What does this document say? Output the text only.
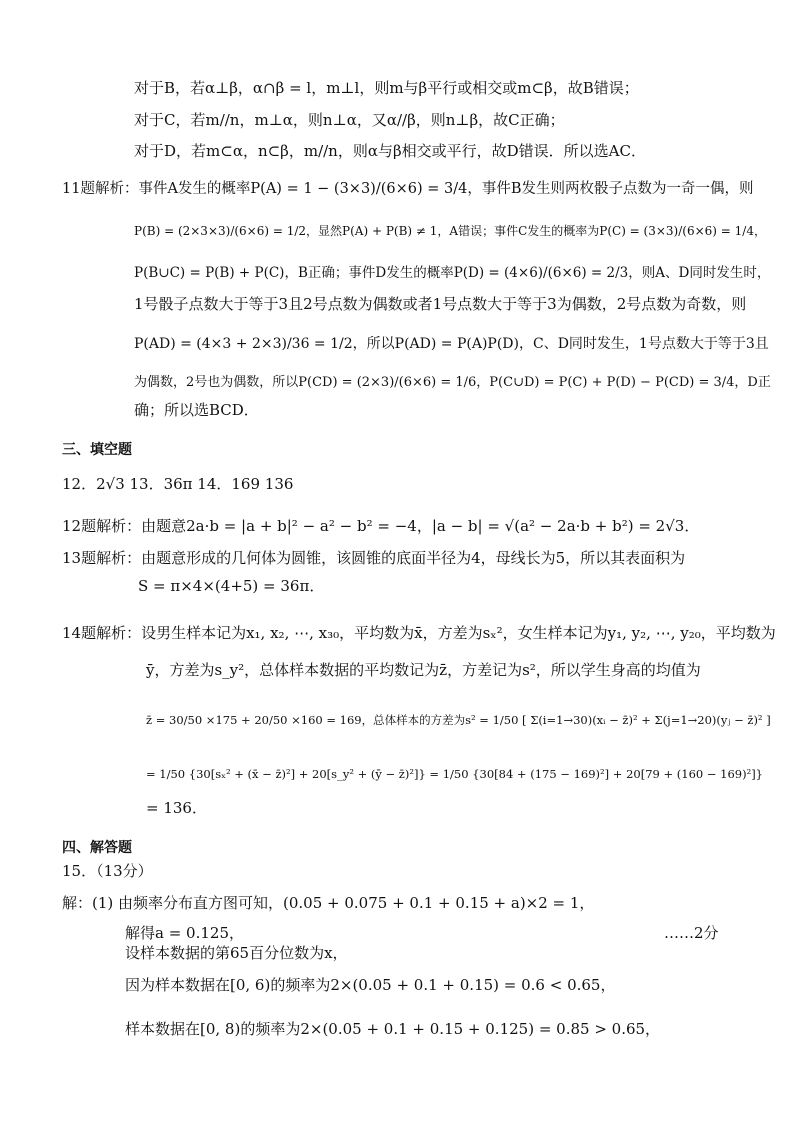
对于B，若α⊥β，α∩β = l，m⊥l，则m与β平行或相交或m⊂β，故B错误；
对于C，若m//n，m⊥α，则n⊥α，又α//β，则n⊥β，故C正确；
对于D，若m⊂α，n⊂β，m//n，则α与β相交或平行，故D错误．所以选AC．
11题解析：事件A发生的概率P(A) = 1 − (3×3)/(6×6) = 3/4，事件B发生则两枚骰子点数为一奇一偶，则
P(B) = (2×3×3)/(6×6) = 1/2，显然P(A) + P(B) ≠ 1，A错误；事件C发生的概率为P(C) = (3×3)/(6×6) = 1/4，
P(B∪C) = P(B) + P(C)，B正确；事件D发生的概率P(D) = (4×6)/(6×6) = 2/3，则A、D同时发生时，
1号骰子点数大于等于3且2号点数为偶数或者1号点数大于等于3为偶数，2号点数为奇数，则
P(AD) = (4×3 + 2×3)/36 = 1/2，所以P(AD) = P(A)P(D)，C、D同时发生，1号点数大于等于3且
为偶数，2号也为偶数，所以P(CD) = (2×3)/(6×6) = 1/6，P(C∪D) = P(C) + P(D) − P(CD) = 3/4，D正
确；所以选BCD．
三、填空题
12．2√3 13．36π 14．169 136
12题解析：由题意2a·b = |a + b|² − a² − b² = −4，|a − b| = √(a² − 2a·b + b²) = 2√3．
13题解析：由题意形成的几何体为圆锥，该圆锥的底面半径为4，母线长为5，所以其表面积为
S = π×4×(4+5) = 36π．
14题解析：设男生样本记为x₁, x₂, ⋯, x₃₀，平均数为x̄，方差为sₓ²，女生样本记为y₁, y₂, ⋯, y₂₀，平均数为
ȳ，方差为s_y²，总体样本数据的平均数记为z̄，方差记为s²，所以学生身高的均值为
z̄ = 30/50 ×175 + 20/50 ×160 = 169，总体样本的方差为s² = 1/50 [ Σ(i=1→30)(xᵢ − z̄)² + Σ(j=1→20)(yⱼ − z̄)² ]
= 1/50 {30[sₓ² + (x̄ − z̄)²] + 20[s_y² + (ȳ − z̄)²]} = 1/50 {30[84 + (175 − 169)²] + 20[79 + (160 − 169)²]}
= 136．
四、解答题
15．（13分）
解：(1) 由频率分布直方图可知，(0.05 + 0.075 + 0.1 + 0.15 + a)×2 = 1，
解得a = 0.125，	……2分
设样本数据的第65百分位数为x，
因为样本数据在[0, 6)的频率为2×(0.05 + 0.1 + 0.15) = 0.6 < 0.65，
样本数据在[0, 8)的频率为2×(0.05 + 0.1 + 0.15 + 0.125) = 0.85 > 0.65，
